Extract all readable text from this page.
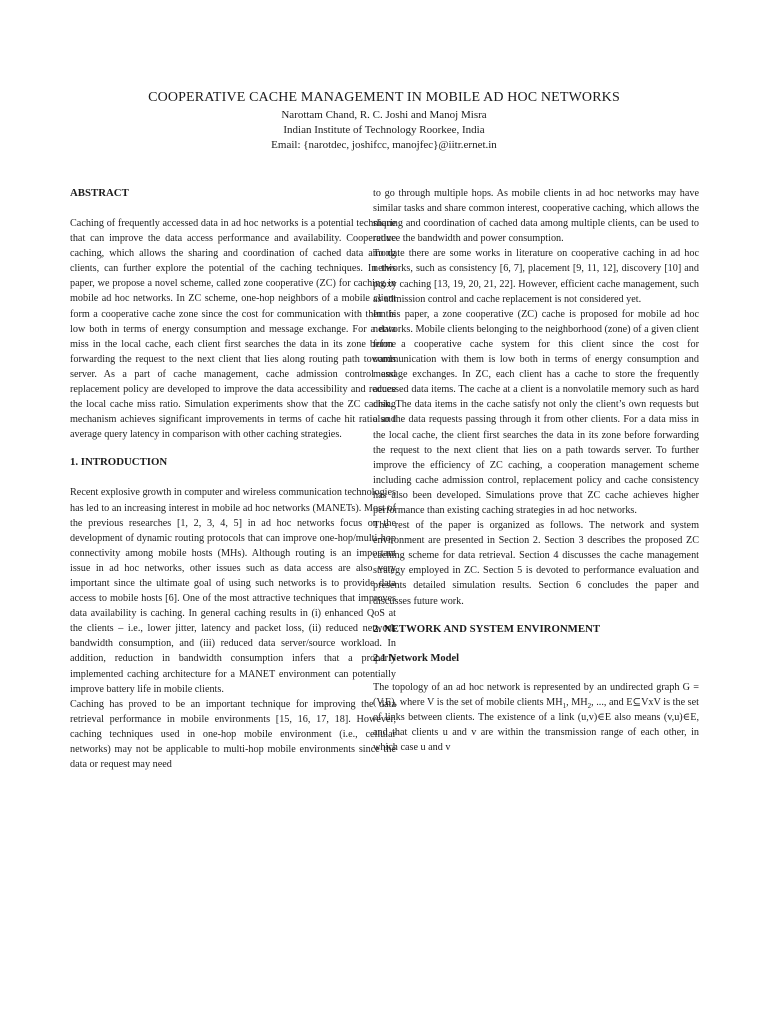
COOPERATIVE CACHE MANAGEMENT IN MOBILE AD HOC NETWORKS

Narottam Chand, R. C. Joshi and Manoj Misra

Indian Institute of Technology Roorkee, India

Email: {narotdec, joshifcc, manojfec}@iitr.ernet.in

ABSTRACT

Caching of frequently accessed data in ad hoc networks is a potential technique that can improve the data access performance and availability. Cooperative caching, which allows the sharing and coordination of cached data among clients, can further explore the potential of the caching techniques. In this paper, we propose a novel scheme, called zone cooperative (ZC) for caching in mobile ad hoc networks. In ZC scheme, one-hop neighbors of a mobile client form a cooperative cache zone since the cost for communication with them is low both in terms of energy consumption and message exchange. For a data miss in the local cache, each client first searches the data in its zone before forwarding the request to the next client that lies along routing path towards server. As a part of cache management, cache admission control and replacement policy are developed to improve the data accessibility and reduce the local cache miss ratio. Simulation experiments show that the ZC caching mechanism achieves significant improvements in terms of cache hit ratio and average query latency in comparison with other caching strategies.

1. INTRODUCTION

Recent explosive growth in computer and wireless communication technologies has led to an increasing interest in mobile ad hoc networks (MANETs). Most of the previous researches [1, 2, 3, 4, 5] in ad hoc networks focus on the development of dynamic routing protocols that can improve one-hop/multi-hop connectivity among mobile hosts (MHs). Although routing is an important issue in ad hoc networks, other issues such as data access are also very important since the ultimate goal of using such networks is to provide data access to mobile hosts [6]. One of the most attractive techniques that improves data availability is caching. In general caching results in (i) enhanced QoS at the clients – i.e., lower jitter, latency and packet loss, (ii) reduced network bandwidth consumption, and (iii) reduced data server/source workload. In addition, reduction in bandwidth consumption infers that a properly implemented caching architecture for a MANET environment can potentially improve battery life in mobile clients.

Caching has proved to be an important technique for improving the data retrieval performance in mobile environments [15, 16, 17, 18]. However, caching techniques used in one-hop mobile environment (i.e., cellular networks) may not be applicable to multi-hop mobile environments since the data or request may need

to go through multiple hops. As mobile clients in ad hoc networks may have similar tasks and share common interest, cooperative caching, which allows the sharing and coordination of cached data among multiple clients, can be used to reduce the bandwidth and power consumption.

To date there are some works in literature on cooperative caching in ad hoc networks, such as consistency [6, 7], placement [9, 11, 12], discovery [10] and proxy caching [13, 19, 20, 21, 22]. However, efficient cache management, such as admission control and cache replacement is not considered yet.

In this paper, a zone cooperative (ZC) cache is proposed for mobile ad hoc networks. Mobile clients belonging to the neighborhood (zone) of a given client form a cooperative cache system for this client since the cost for communication with them is low both in terms of energy consumption and message exchanges. In ZC, each client has a cache to store the frequently accessed data items. The cache at a client is a nonvolatile memory such as hard disk. The data items in the cache satisfy not only the client’s own requests but also the data requests passing through it from other clients. For a data miss in the local cache, the client first searches the data in its zone before forwarding the request to the next client that lies on a path towards server. To further improve the efficiency of ZC caching, a cooperation management scheme including cache admission control, replacement policy and cache consistency has also been developed. Simulations prove that ZC cache achieves higher performance than existing caching strategies in ad hoc networks.

The rest of the paper is organized as follows. The network and system environment are presented in Section 2. Section 3 describes the proposed ZC caching scheme for data retrieval. Section 4 discusses the cache management strategy employed in ZC. Section 5 is devoted to performance evaluation and presents detailed simulation results. Section 6 concludes the paper and discusses future work.

2. NETWORK AND SYSTEM ENVIRONMENT
2.1 Network Model

The topology of an ad hoc network is represented by an undirected graph G = (V,E), where V is the set of mobile clients $MH_1$, $MH_2$, ..., and E⊆VxV is the set of links between clients. The existence of a link (u,v)∈E also means (v,u)∈E, and that clients u and v are within the transmission range of each other, in which case u and v
